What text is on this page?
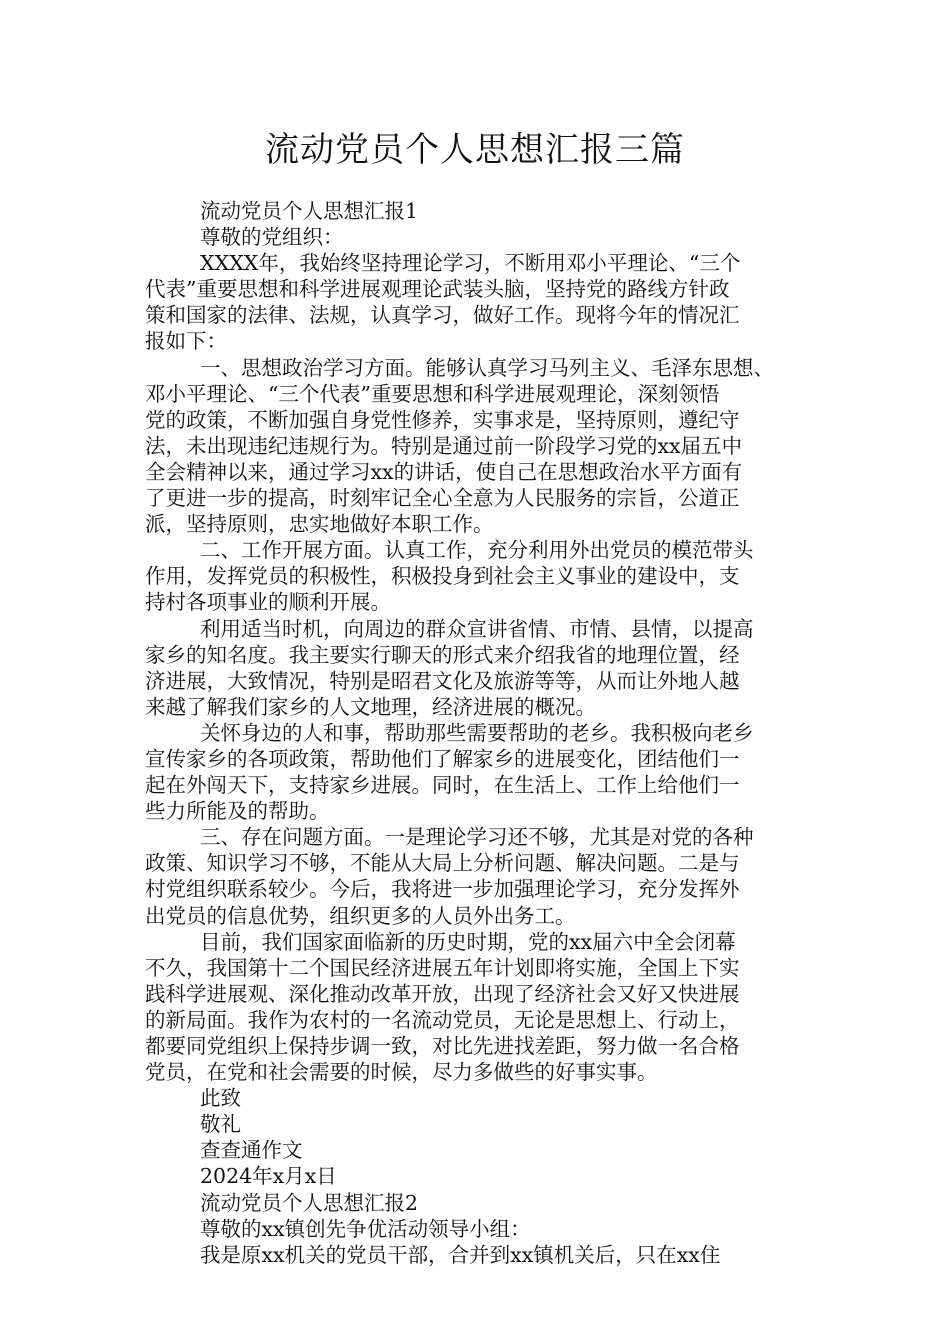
流动党员个人思想汇报三篇
流动党员个人思想汇报1
尊敬的党组织：
XXXX年，我始终坚持理论学习，不断用邓小平理论、“三个
代表”重要思想和科学进展观理论武装头脑，坚持党的路线方针政
策和国家的法律、法规，认真学习，做好工作。现将今年的情况汇
报如下：
一、思想政治学习方面。能够认真学习马列主义、毛泽东思想、
邓小平理论、“三个代表”重要思想和科学进展观理论，深刻领悟
党的政策，不断加强自身党性修养，实事求是，坚持原则，遵纪守
法，未出现违纪违规行为。特别是通过前一阶段学习党的xx届五中
全会精神以来，通过学习xx的讲话，使自己在思想政治水平方面有
了更进一步的提高，时刻牢记全心全意为人民服务的宗旨，公道正
派，坚持原则，忠实地做好本职工作。
二、工作开展方面。认真工作，充分利用外出党员的模范带头
作用，发挥党员的积极性，积极投身到社会主义事业的建设中，支
持村各项事业的顺利开展。
利用适当时机，向周边的群众宣讲省情、市情、县情，以提高
家乡的知名度。我主要实行聊天的形式来介绍我省的地理位置，经
济进展，大致情况，特别是昭君文化及旅游等等，从而让外地人越
来越了解我们家乡的人文地理，经济进展的概况。
关怀身边的人和事，帮助那些需要帮助的老乡。我积极向老乡
宣传家乡的各项政策，帮助他们了解家乡的进展变化，团结他们一
起在外闯天下，支持家乡进展。同时，在生活上、工作上给他们一
些力所能及的帮助。
三、存在问题方面。一是理论学习还不够，尤其是对党的各种
政策、知识学习不够，不能从大局上分析问题、解决问题。二是与
村党组织联系较少。今后，我将进一步加强理论学习，充分发挥外
出党员的信息优势，组织更多的人员外出务工。
目前，我们国家面临新的历史时期，党的xx届六中全会闭幕
不久，我国第十二个国民经济进展五年计划即将实施，全国上下实
践科学进展观、深化推动改革开放，出现了经济社会又好又快进展
的新局面。我作为农村的一名流动党员，无论是思想上、行动上，
都要同党组织上保持步调一致，对比先进找差距，努力做一名合格
党员，在党和社会需要的时候，尽力多做些的好事实事。
此致
敬礼
查查通作文
2024年x月x日
流动党员个人思想汇报2
尊敬的xx镇创先争优活动领导小组：
我是原xx机关的党员干部，合并到xx镇机关后，只在xx住
